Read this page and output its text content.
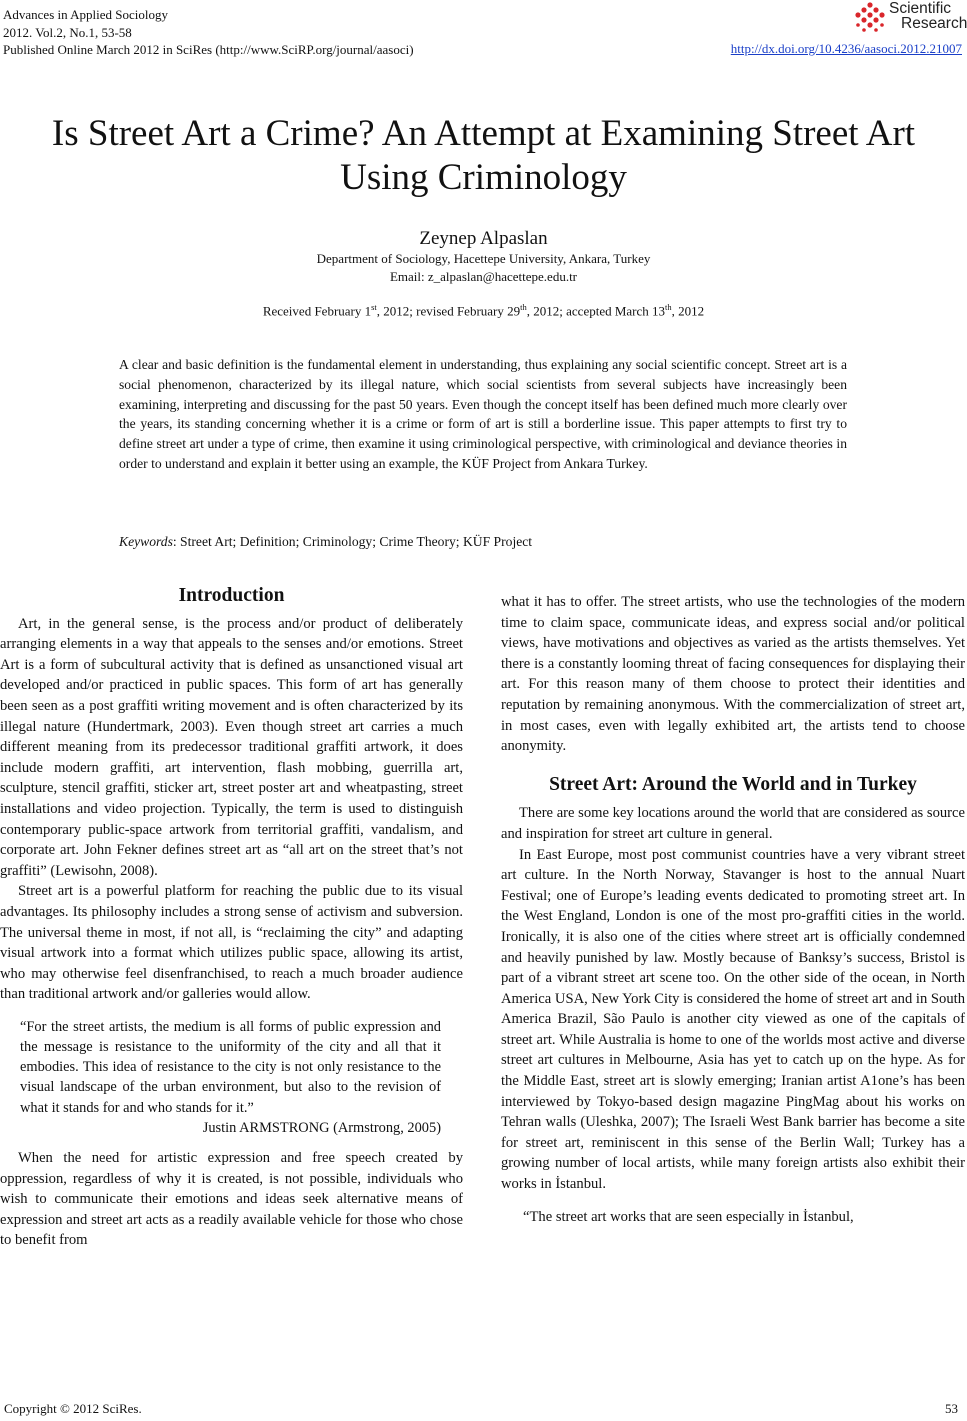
Advances in Applied Sociology
2012. Vol.2, No.1, 53-58
Published Online March 2012 in SciRes (http://www.SciRP.org/journal/aasoci)	http://dx.doi.org/10.4236/aasoci.2012.21007
Scientific
Research
Is Street Art a Crime? An Attempt at Examining Street Art Using Criminology
Zeynep Alpaslan
Department of Sociology, Hacettepe University, Ankara, Turkey
Email: z_alpaslan@hacettepe.edu.tr
Received February 1st, 2012; revised February 29th, 2012; accepted March 13th, 2012
A clear and basic definition is the fundamental element in understanding, thus explaining any social scientific concept. Street art is a social phenomenon, characterized by its illegal nature, which social scientists from several subjects have increasingly been examining, interpreting and discussing for the past 50 years. Even though the concept itself has been defined much more clearly over the years, its standing concerning whether it is a crime or form of art is still a borderline issue. This paper attempts to first try to define street art under a type of crime, then examine it using criminological perspective, with criminological and deviance theories in order to understand and explain it better using an example, the KÜF Project from Ankara Turkey.
Keywords: Street Art; Definition; Criminology; Crime Theory; KÜF Project

Introduction

Art, in the general sense, is the process and/or product of deliberately arranging elements in a way that appeals to the senses and/or emotions. Street Art is a form of subcultural activity that is defined as unsanctioned visual art developed and/or practiced in public spaces. This form of art has generally been seen as a post graffiti writing movement and is often characterized by its illegal nature (Hundertmark, 2003). Even though street art carries a much different meaning from its predecessor traditional graffiti artwork, it does include modern graffiti, art intervention, flash mobbing, guerrilla art, sculpture, stencil graffiti, sticker art, street poster art and wheatpasting, street installations and video projection. Typically, the term is used to distinguish contemporary public-space artwork from territorial graffiti, vandalism, and corporate art. John Fekner defines street art as “all art on the street that’s not graffiti” (Lewisohn, 2008).

Street art is a powerful platform for reaching the public due to its visual advantages. Its philosophy includes a strong sense of activism and subversion. The universal theme in most, if not all, is “reclaiming the city” and adapting visual artwork into a format which utilizes public space, allowing its artist, who may otherwise feel disenfranchised, to reach a much broader audience than traditional artwork and/or galleries would allow.

“For the street artists, the medium is all forms of public expression and the message is resistance to the uniformity of the city and all that it embodies. This idea of resistance to the city is not only resistance to the visual landscape of the urban environment, but also to the revision of what it stands for and who stands for it.”

Justin ARMSTRONG (Armstrong, 2005)

When the need for artistic expression and free speech created by oppression, regardless of why it is created, is not possible, individuals who wish to communicate their emotions and ideas seek alternative means of expression and street art acts as a readily available vehicle for those who chose to benefit from

what it has to offer. The street artists, who use the technologies of the modern time to claim space, communicate ideas, and express social and/or political views, have motivations and objectives as varied as the artists themselves. Yet there is a constantly looming threat of facing consequences for displaying their art. For this reason many of them choose to protect their identities and reputation by remaining anonymous. With the commercialization of street art, in most cases, even with legally exhibited art, the artists tend to choose anonymity.

Street Art: Around the World and in Turkey

There are some key locations around the world that are considered as source and inspiration for street art culture in general.

In East Europe, most post communist countries have a very vibrant street art culture. In the North Norway, Stavanger is host to the annual Nuart Festival; one of Europe’s leading events dedicated to promoting street art. In the West England, London is one of the most pro-graffiti cities in the world. Ironically, it is also one of the cities where street art is officially condemned and heavily punished by law. Mostly because of Banksy’s success, Bristol is part of a vibrant street art scene too. On the other side of the ocean, in North America USA, New York City is considered the home of street art and in South America Brazil, São Paulo is another city viewed as one of the capitals of street art. While Australia is home to one of the worlds most active and diverse street art cultures in Melbourne, Asia has yet to catch up on the hype. As for the Middle East, street art is slowly emerging; Iranian artist A1one’s has been interviewed by Tokyo-based design magazine PingMag about his works on Tehran walls (Uleshka, 2007); The Israeli West Bank barrier has become a site for street art, reminiscent in this sense of the Berlin Wall; Turkey has a growing number of local artists, while many foreign artists also exhibit their works in İstanbul.

“The street art works that are seen especially in İstanbul,

Copyright © 2012 SciRes.	53
